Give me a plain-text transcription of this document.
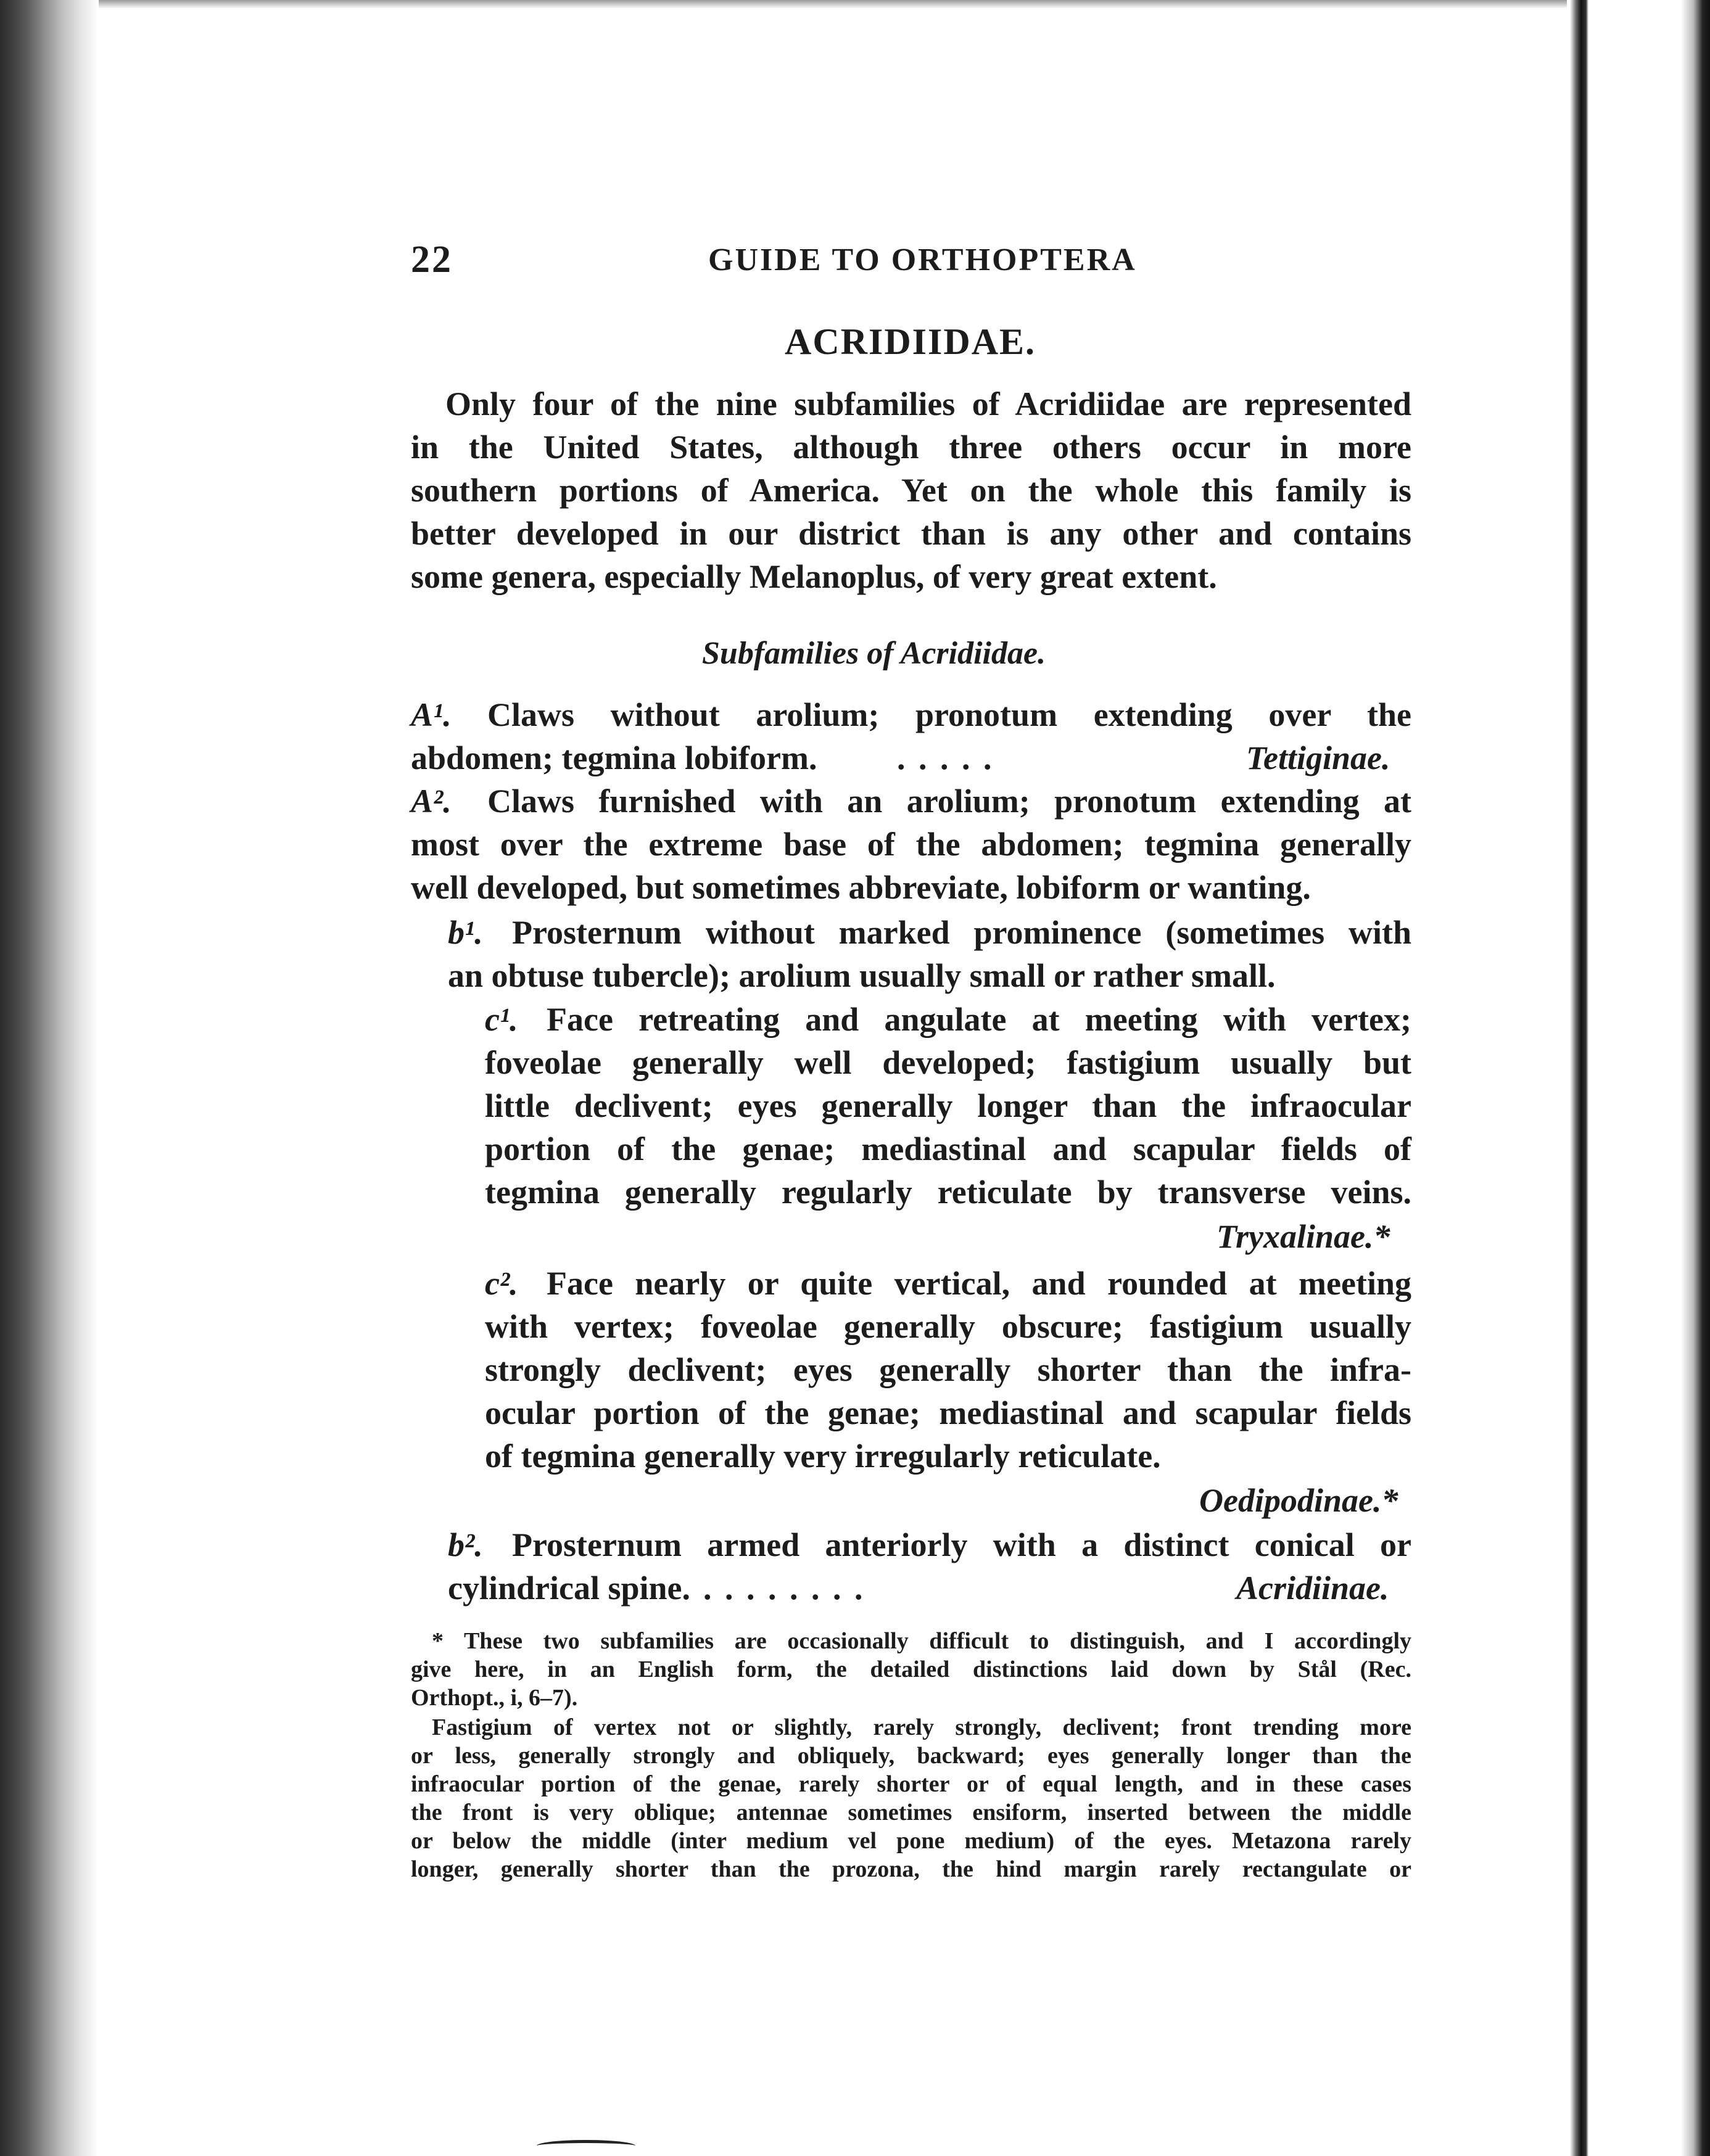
22	GUIDE TO ORTHOPTERA
ACRIDIIDAE.
Only four of the nine subfamilies of Acridiidae are represented
in the United States, although three others occur in more
southern portions of America. Yet on the whole this family is
better developed in our district than is any other and contains
some genera, especially Melanoplus, of very great extent.
Subfamilies of Acridiidae.
A¹. Claws without arolium; pronotum extending over the
abdomen; tegmina lobiform. . . . . .	Tettiginae.
A². Claws furnished with an arolium; pronotum extending at
most over the extreme base of the abdomen; tegmina generally
well developed, but sometimes abbreviate, lobiform or wanting.
b¹. Prosternum without marked prominence (sometimes with
an obtuse tubercle); arolium usually small or rather small.
c¹. Face retreating and angulate at meeting with vertex;
foveolae generally well developed; fastigium usually but
little declivent; eyes generally longer than the infraocular
portion of the genae; mediastinal and scapular fields of
tegmina generally regularly reticulate by transverse veins.
Tryxalinae.*
c². Face nearly or quite vertical, and rounded at meeting
with vertex; foveolae generally obscure; fastigium usually
strongly declivent; eyes generally shorter than the infra-
ocular portion of the genae; mediastinal and scapular fields
of tegmina generally very irregularly reticulate.
Oedipodinae.*
b². Prosternum armed anteriorly with a distinct conical or
cylindrical spine. . . . . . . . .	Acridiinae.
* These two subfamilies are occasionally difficult to distinguish, and I accordingly
give here, in an English form, the detailed distinctions laid down by Stål (Rec.
Orthopt., i, 6–7).
Fastigium of vertex not or slightly, rarely strongly, declivent; front trending more
or less, generally strongly and obliquely, backward; eyes generally longer than the
infraocular portion of the genae, rarely shorter or of equal length, and in these cases
the front is very oblique; antennae sometimes ensiform, inserted between the middle
or below the middle (inter medium vel pone medium) of the eyes. Metazona rarely
longer, generally shorter than the prozona, the hind margin rarely rectangulate or
